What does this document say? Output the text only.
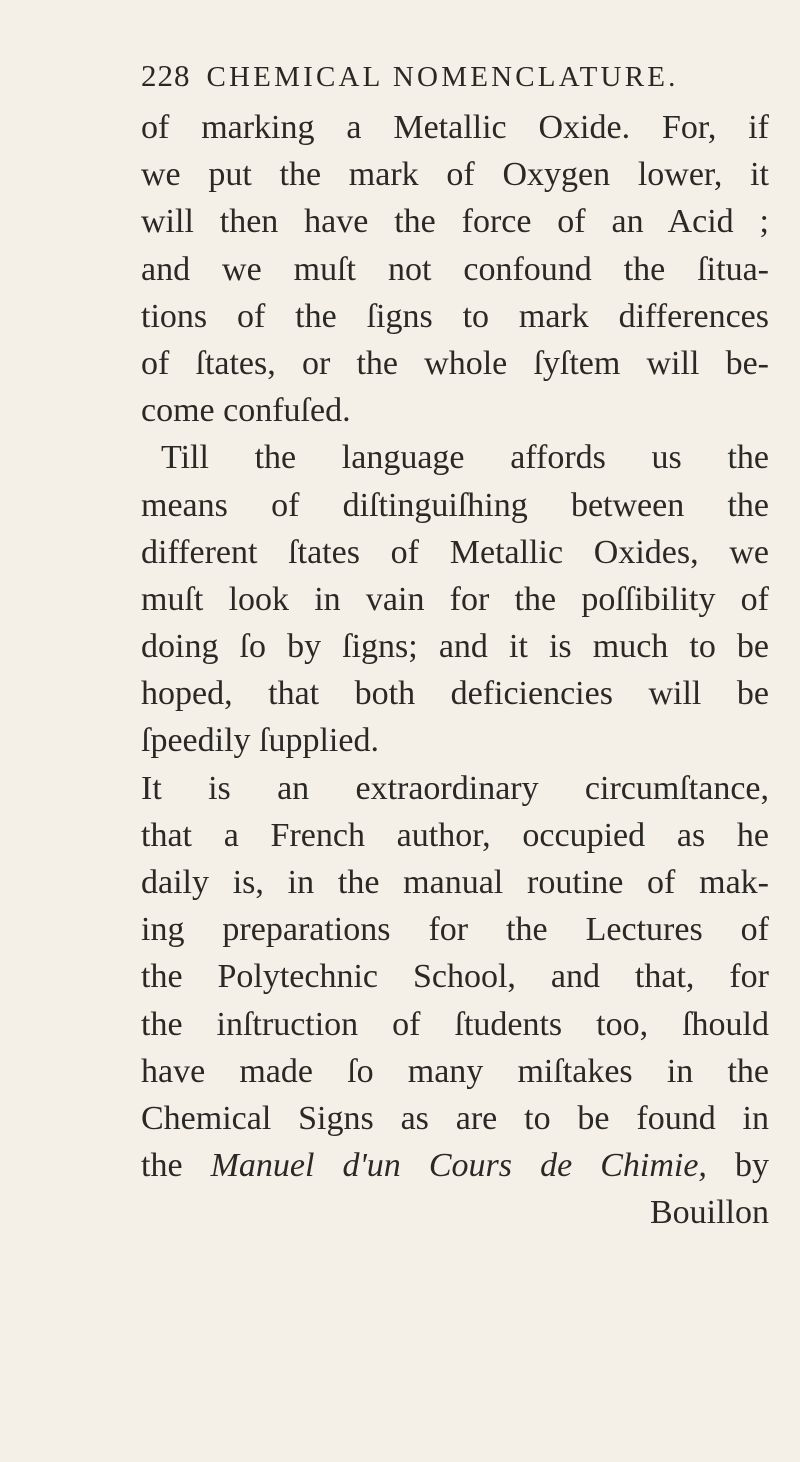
228 CHEMICAL NOMENCLATURE.
of marking a Metallic Oxide. For, if
we put the mark of Oxygen lower, it
will then have the force of an Acid ;
and we muſt not confound the ſitua-
tions of the ſigns to mark differences
of ſtates, or the whole ſyſtem will be-
come confuſed.
Till the language affords us the
means of diſtinguiſhing between the
different ſtates of Metallic Oxides, we
muſt look in vain for the poſſibility of
doing ſo by ſigns; and it is much to be
hoped, that both deficiencies will be
ſpeedily ſupplied.
It is an extraordinary circumſtance,
that a French author, occupied as he
daily is, in the manual routine of mak-
ing preparations for the Lectures of
the Polytechnic School, and that, for
the inſtruction of ſtudents too, ſhould
have made ſo many miſtakes in the
Chemical Signs as are to be found in
the Manuel d'un Cours de Chimie, by
Bouillon
